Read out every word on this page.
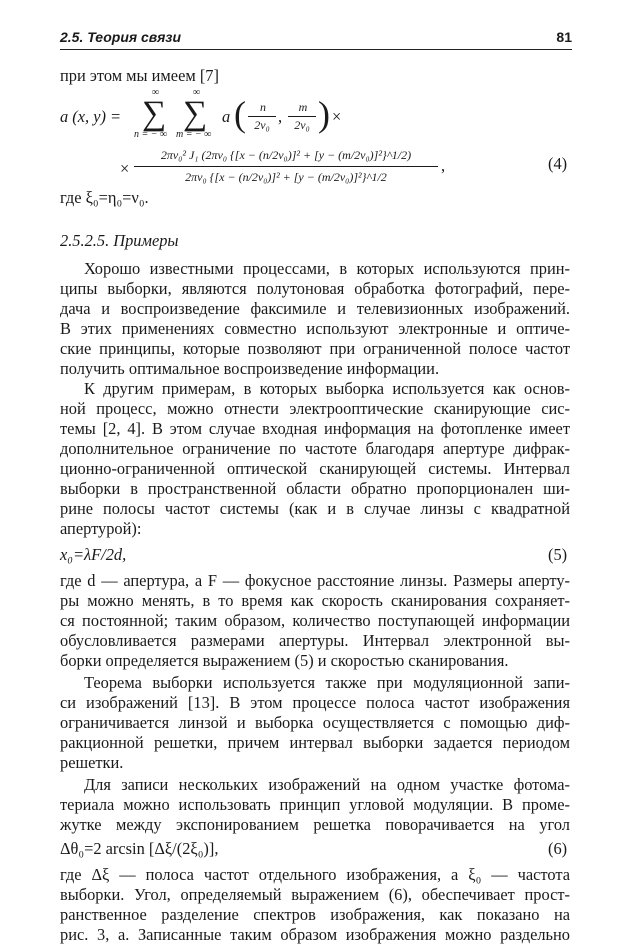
2.5. Теория связи	81
при этом мы имеем [7]
a (x, y) =
∞
∑
n = − ∞
∞
∑
m = − ∞
a (	n
2ν₀ , m
2ν₀ ) ×
×
2πν₀² J₁ (2πν₀ {[x − (n/2ν₀)]² + [y − (m/2ν₀)]²}^1/2)
2πν₀ {[x − (n/2ν₀)]² + [y − (m/2ν₀)]²}^1/2
,	(4)
где ξ₀=η₀=ν₀.
2.5.2.5. Примеры
Хорошо известными процессами, в которых используются прин-
ципы выборки, являются полутоновая обработка фотографий, пере-
дача и воспроизведение факсимиле и телевизионных изображений.
В этих применениях совместно используют электронные и оптиче-
ские принципы, которые позволяют при ограниченной полосе частот
получить оптимальное воспроизведение информации.
К другим примерам, в которых выборка используется как основ-
ной процесс, можно отнести электрооптические сканирующие сис-
темы [2, 4]. В этом случае входная информация на фотопленке имеет
дополнительное ограничение по частоте благодаря апертуре дифрак-
ционно-ограниченной оптической сканирующей системы. Интервал
выборки в пространственной области обратно пропорционален ши-
рине полосы частот системы (как и в случае линзы с квадратной
апертурой):
x₀=λF/2d,	(5)
где d — апертура, а F — фокусное расстояние линзы. Размеры аперту-
ры можно менять, в то время как скорость сканирования сохраняет-
ся постоянной; таким образом, количество поступающей информации
обусловливается размерами апертуры. Интервал электронной вы-
борки определяется выражением (5) и скоростью сканирования.
Теорема выборки используется также при модуляционной запи-
си изображений [13]. В этом процессе полоса частот изображения
ограничивается линзой и выборка осуществляется с помощью диф-
ракционной решетки, причем интервал выборки задается периодом
решетки.
Для записи нескольких изображений на одном участке фотома-
териала можно использовать принцип угловой модуляции. В проме-
жутке между экспонированием решетка поворачивается на угол
Δθ₀=2 arcsin [Δξ/(2ξ₀)],	(6)
где Δξ — полоса частот отдельного изображения, а ξ₀ — частота
выборки. Угол, определяемый выражением (6), обеспечивает прост-
ранственное разделение спектров изображения, как показано на
рис. 3, а. Записанные таким образом изображения можно раздельно
